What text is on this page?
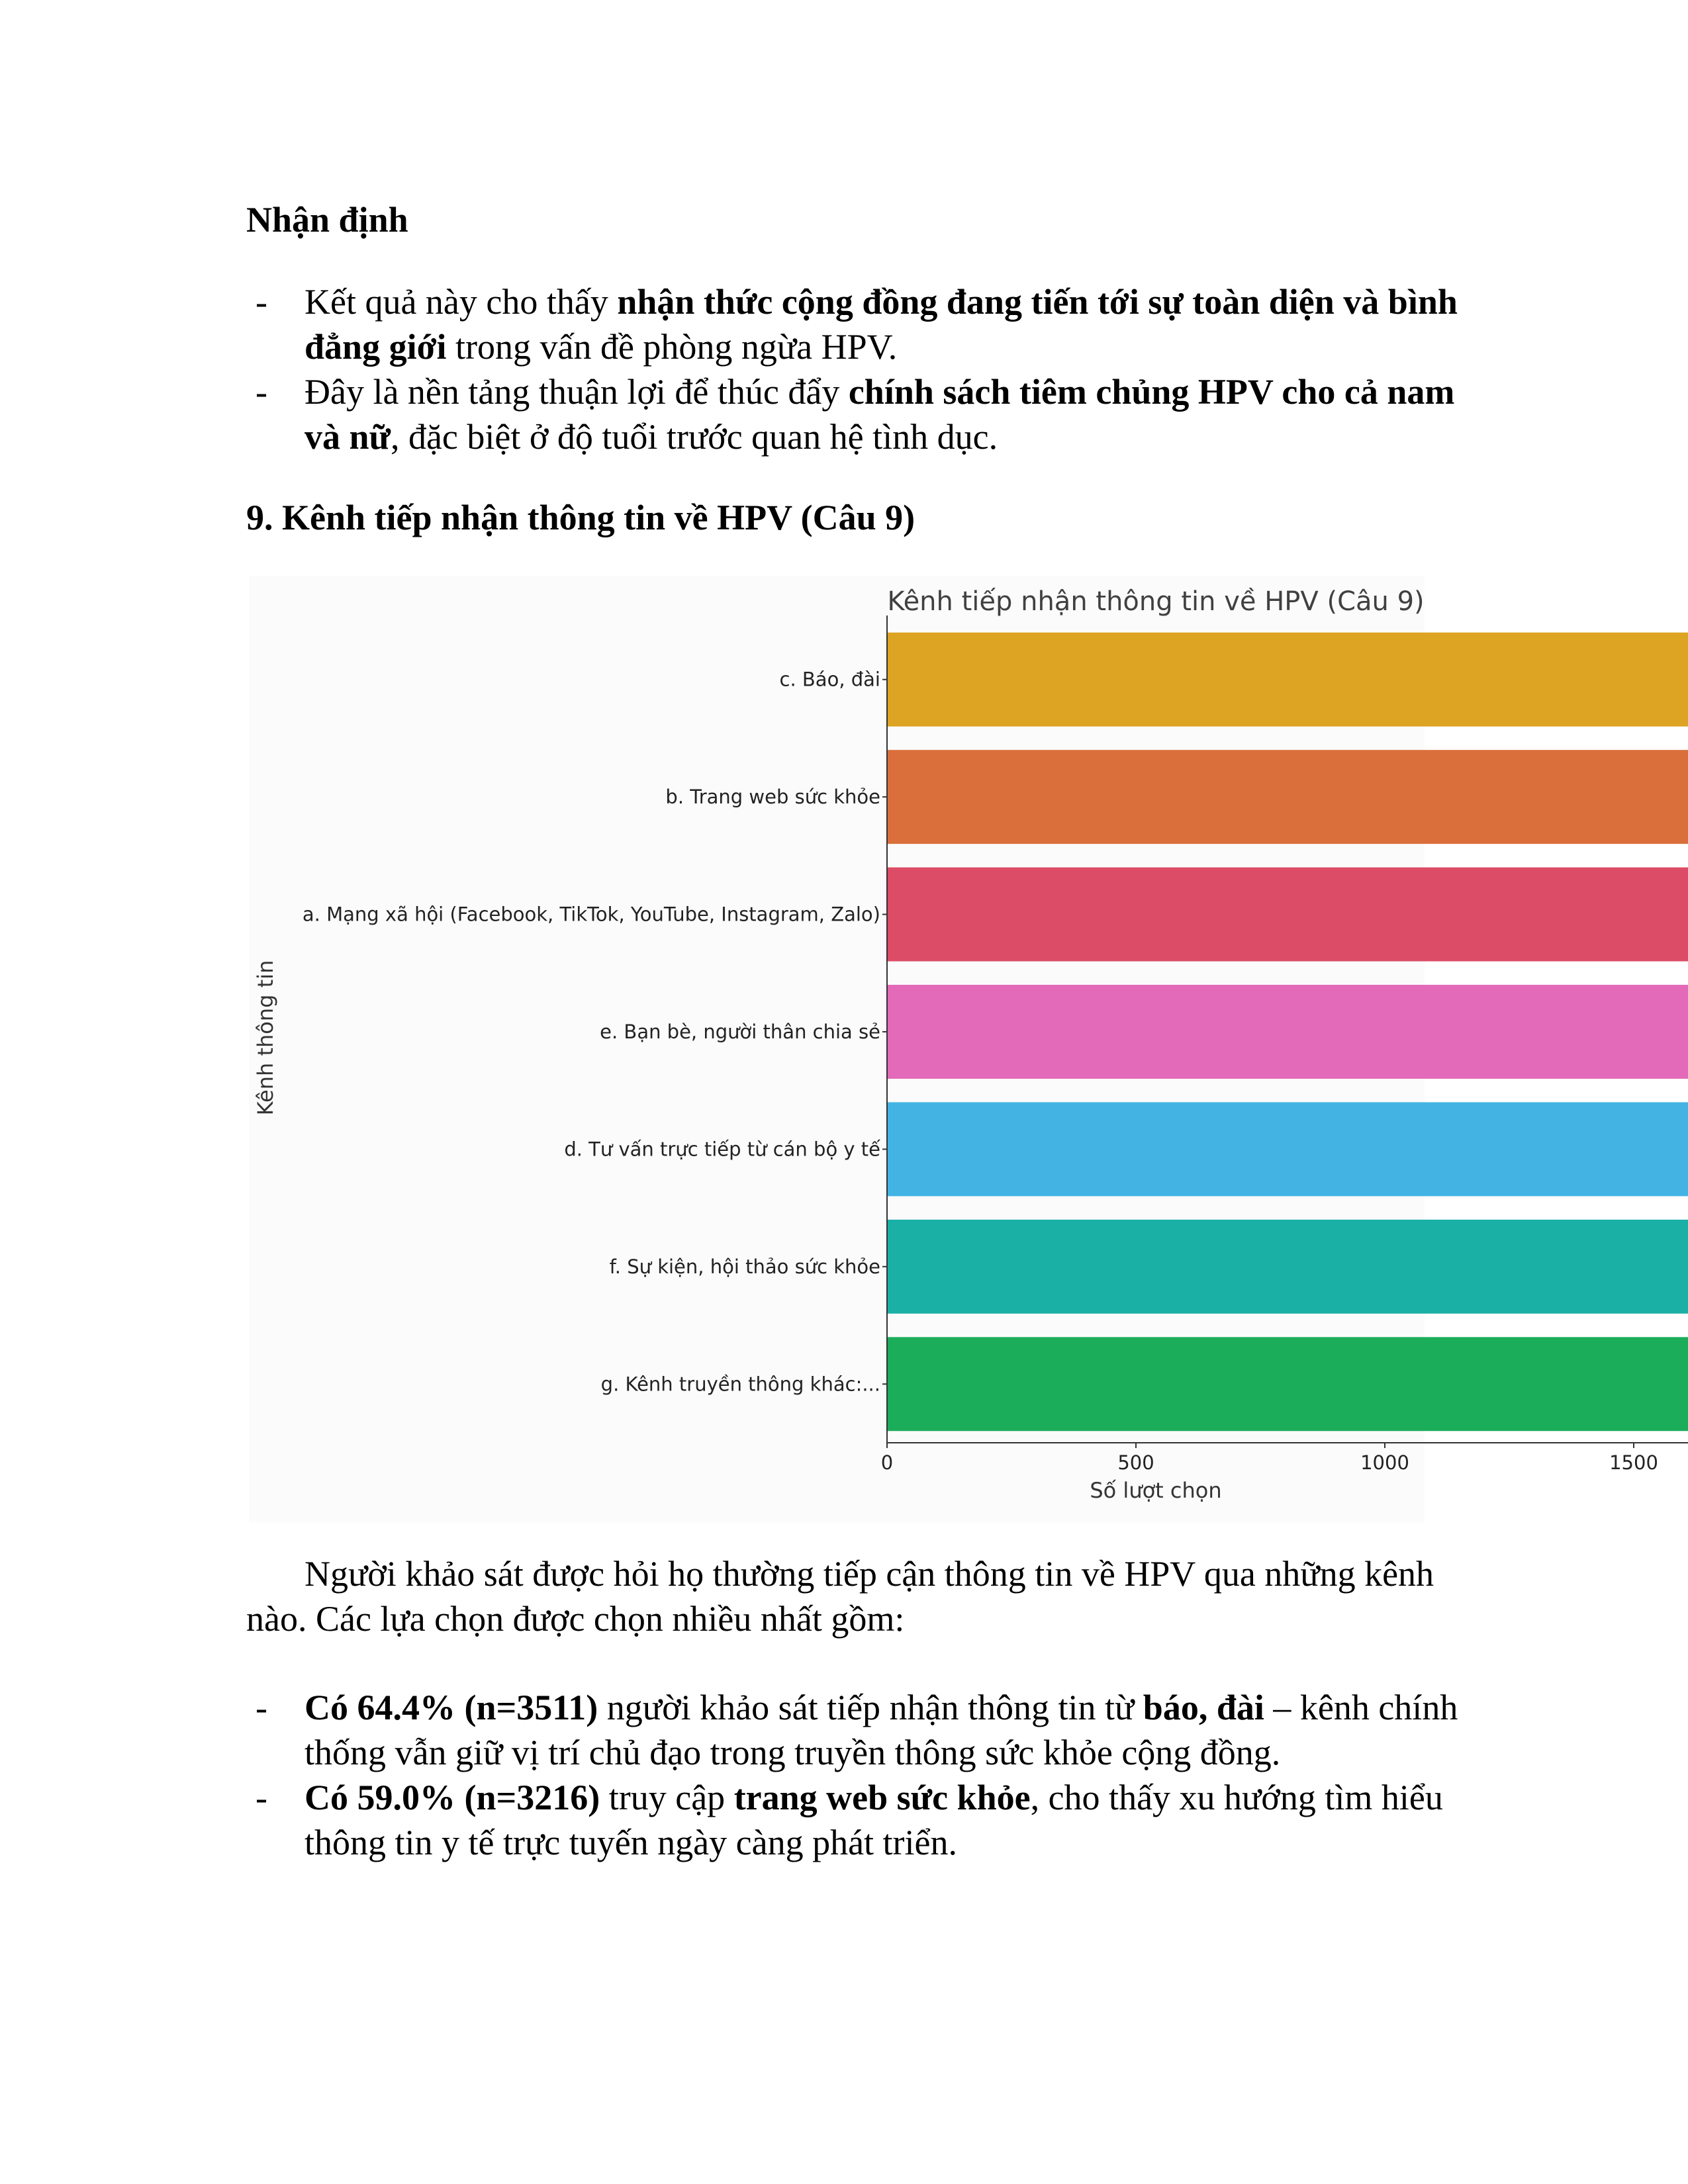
Nhận định
- Kết quả này cho thấy nhận thức cộng đồng đang tiến tới sự toàn diện và bình đẳng giới trong vấn đề phòng ngừa HPV.
- Đây là nền tảng thuận lợi để thúc đẩy chính sách tiêm chủng HPV cho cả nam và nữ, đặc biệt ở độ tuổi trước quan hệ tình dục.
9. Kênh tiếp nhận thông tin về HPV (Câu 9)
Kênh tiếp nhận thông tin về HPV (Câu 9)
Kênh thông tin
Số lượt chọn
c. Báo, đài
b. Trang web sức khỏe
a. Mạng xã hội (Facebook, TikTok, YouTube, Instagram, Zalo)
e. Bạn bè, người thân chia sẻ
d. Tư vấn trực tiếp từ cán bộ y tế
f. Sự kiện, hội thảo sức khỏe
g. Kênh truyền thông khác:...
0	500	1000	1500

Người khảo sát được hỏi họ thường tiếp cận thông tin về HPV qua những kênh nào. Các lựa chọn được chọn nhiều nhất gồm:

- Có 64.4% (n=3511) người khảo sát tiếp nhận thông tin từ báo, đài – kênh chính thống vẫn giữ vị trí chủ đạo trong truyền thông sức khỏe cộng đồng.
- Có 59.0% (n=3216) truy cập trang web sức khỏe, cho thấy xu hướng tìm hiểu thông tin y tế trực tuyến ngày càng phát triển.
